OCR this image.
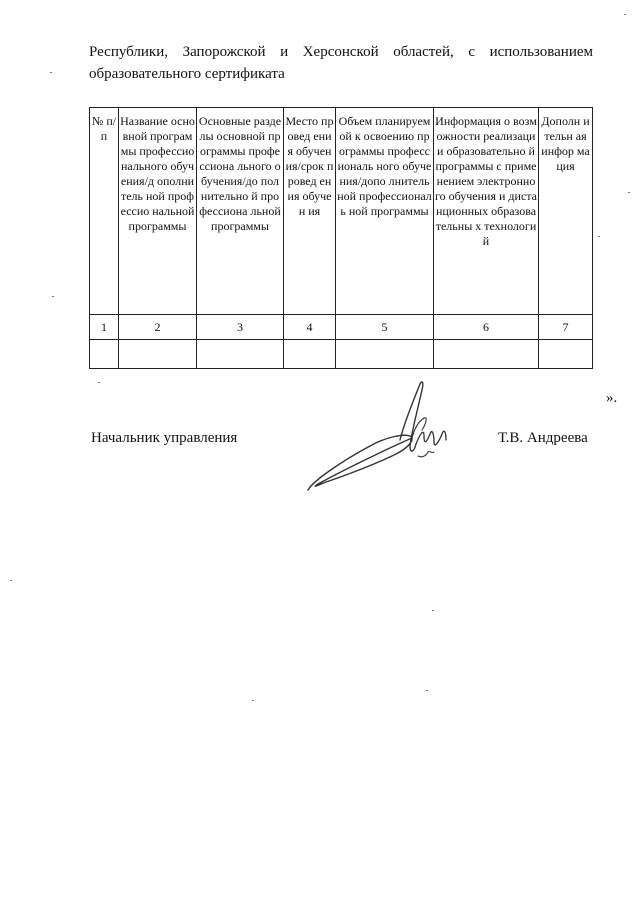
Республики, Запорожской и Херсонской областей, с использованием
образовательного сертификата
№ п/п	Название основной программы профессио нального обучения/д ополнитель ной профессио нальной программы	Основные разделы основной программы профессиона льного обучения/до полнительно й профессиона льной программы	Место провед ения обучен ия/срок провед ения обучен ия	Объем планируемой к освоению программы профессиональ ного обучения/допо лнительной профессиональ ной программы	Информация о возможности реализации образовательно й программы с применением электронного обучения и дистанционных образовательны х технологий	Дополн ительн ая инфор мация
1	2	3	4	5	6	7

».
Начальник управления	Т.В. Андреева
